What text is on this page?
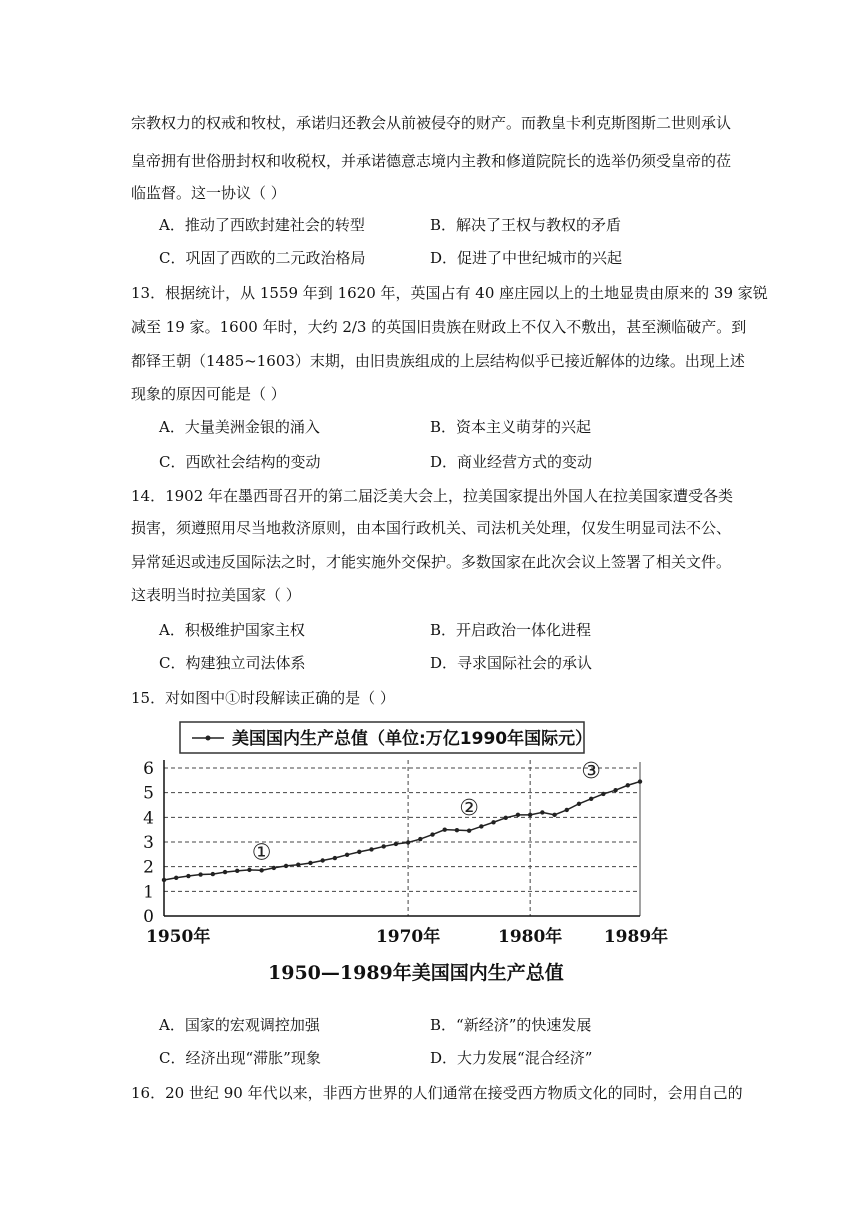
宗教权力的权戒和牧杖，承诺归还教会从前被侵夺的财产。而教皇卡利克斯图斯二世则承认
皇帝拥有世俗册封权和收税权，并承诺德意志境内主教和修道院院长的选举仍须受皇帝的莅
临监督。这一协议（ ）
A．推动了西欧封建社会的转型	B．解决了王权与教权的矛盾
C．巩固了西欧的二元政治格局	D．促进了中世纪城市的兴起
13．根据统计，从 1559 年到 1620 年，英国占有 40 座庄园以上的土地显贵由原来的 39 家锐
减至 19 家。1600 年时，大约 2/3 的英国旧贵族在财政上不仅入不敷出，甚至濒临破产。到
都铎王朝（1485~1603）末期，由旧贵族组成的上层结构似乎已接近解体的边缘。出现上述
现象的原因可能是（ ）
A．大量美洲金银的涌入	B．资本主义萌芽的兴起
C．西欧社会结构的变动	D．商业经营方式的变动
14．1902 年在墨西哥召开的第二届泛美大会上，拉美国家提出外国人在拉美国家遭受各类
损害，须遵照用尽当地救济原则，由本国行政机关、司法机关处理，仅发生明显司法不公、
异常延迟或违反国际法之时，才能实施外交保护。多数国家在此次会议上签署了相关文件。
这表明当时拉美国家（ ）
A．积极维护国家主权	B．开启政治一体化进程
C．构建独立司法体系	D．寻求国际社会的承认
15．对如图中①时段解读正确的是（ ）
美国国内生产总值（单位:万亿1990年国际元）
0
1
2
3
4
5
6
1950年	1970年	1980年 1989年
①
②
③
1950—1989年美国国内生产总值
A．国家的宏观调控加强	B．“新经济”的快速发展
C．经济出现“滞胀”现象	D．大力发展“混合经济”
16．20 世纪 90 年代以来，非西方世界的人们通常在接受西方物质文化的同时，会用自己的
